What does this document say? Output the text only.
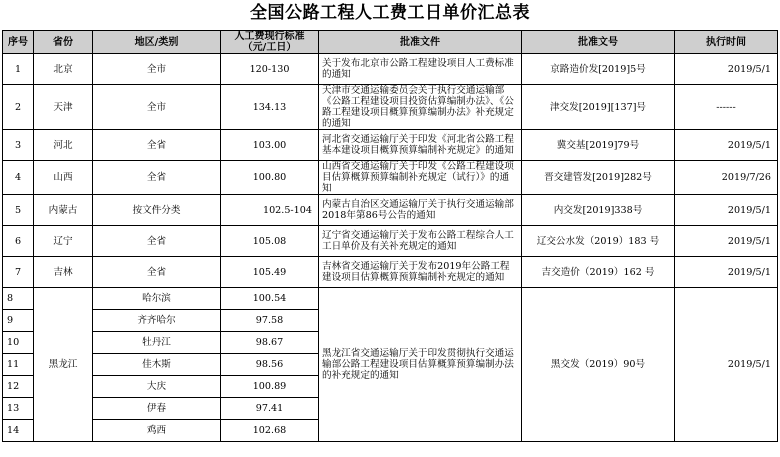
全国公路工程人工费工日单价汇总表
序号	省份	地区/类别	人工费现行标准（元/工日）	批准文件	批准文号	执行时间
1	北京	全市	120-130	关于发布北京市公路工程建设项目人工费标准的通知	京路造价发[2019]5号	2019/5/1
2	天津	全市	134.13	天津市交通运输委员会关于执行交通运输部《公路工程建设项目投资估算编制办法》、《公路工程建设项目概算预算编制办法》补充规定的通知	津交发[2019][137]号	------
3	河北	全省	103.00	河北省交通运输厅关于印发《河北省公路工程基本建设项目概算预算编制补充规定》的通知	冀交基[2019]79号	2019/5/1
4	山西	全省	100.80	山西省交通运输厅关于印发《公路工程建设项目估算概算预算编制补充规定（试行）》的通知	晋交建管发[2019]282号	2019/7/26
5	内蒙古	按文件分类	102.5-104	内蒙古自治区交通运输厅关于执行交通运输部2018年第86号公告的通知	内交发[2019]338号	2019/5/1
6	辽宁	全省	105.08	辽宁省交通运输厅关于发布公路工程综合人工工日单价及有关补充规定的通知	辽交公水发（2019）183 号	2019/5/1
7	吉林	全省	105.49	吉林省交通运输厅关于发布2019年公路工程建设项目估算概算预算编制补充规定的通知	吉交造价（2019）162 号	2019/5/1
8	黑龙江	哈尔滨	100.54	黑龙江省交通运输厅关于印发贯彻执行交通运输部公路工程建设项目估算概算预算编制办法的补充规定的通知	黑交发（2019）90号	2019/5/1
9		齐齐哈尔	97.58			
10		牡丹江	98.67			
11		佳木斯	98.56			
12		大庆	100.89			
13		伊春	97.41			
14		鸡西	102.68			
